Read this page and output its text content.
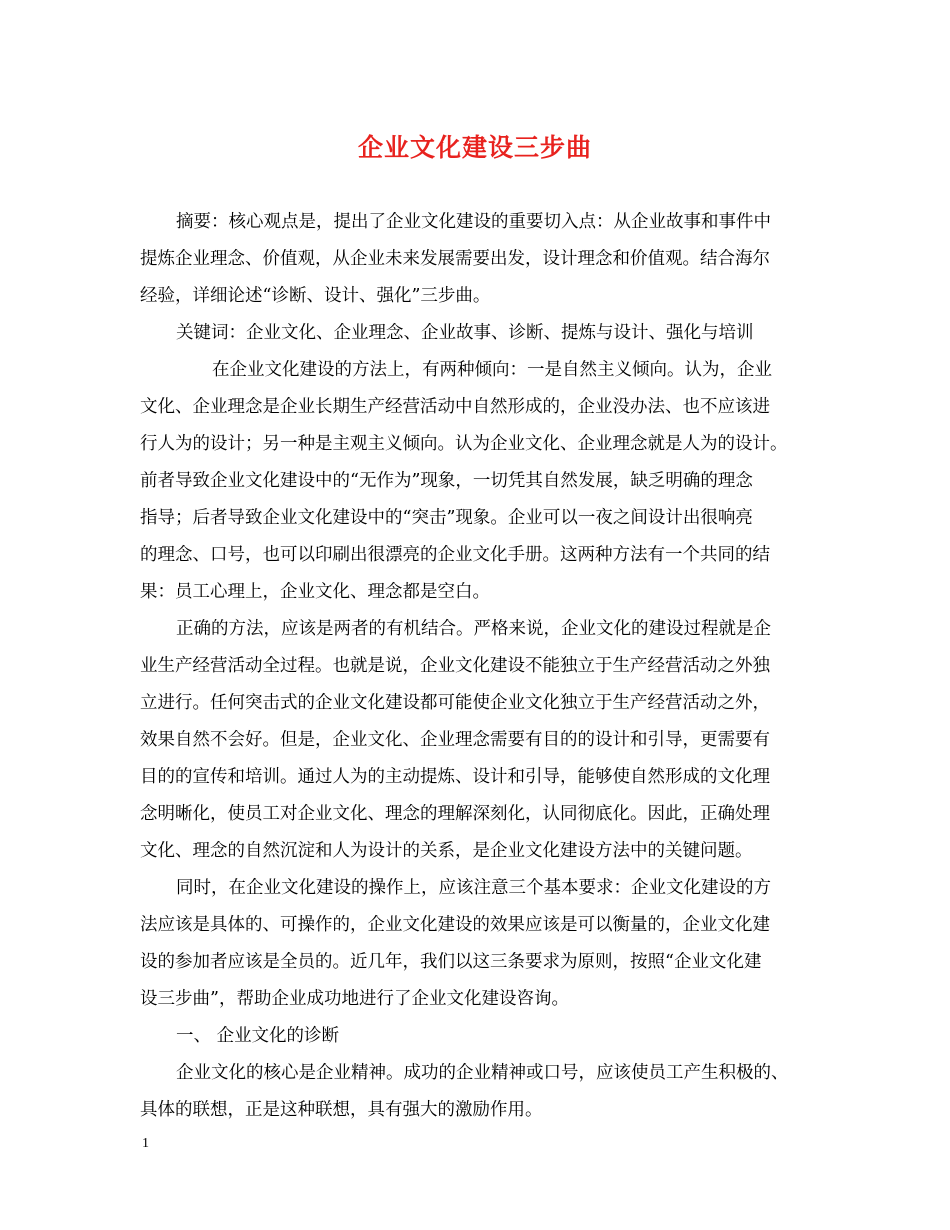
企业文化建设三步曲
摘要：核心观点是，提出了企业文化建设的重要切入点：从企业故事和事件中
提炼企业理念、价值观，从企业未来发展需要出发，设计理念和价值观。结合海尔
经验，详细论述“诊断、设计、强化”三步曲。
关键词：企业文化、企业理念、企业故事、诊断、提炼与设计、强化与培训
在企业文化建设的方法上，有两种倾向：一是自然主义倾向。认为，企业
文化、企业理念是企业长期生产经营活动中自然形成的，企业没办法、也不应该进
行人为的设计；另一种是主观主义倾向。认为企业文化、企业理念就是人为的设计。
前者导致企业文化建设中的“无作为”现象，一切凭其自然发展，缺乏明确的理念
指导；后者导致企业文化建设中的“突击”现象。企业可以一夜之间设计出很响亮
的理念、口号，也可以印刷出很漂亮的企业文化手册。这两种方法有一个共同的结
果：员工心理上，企业文化、理念都是空白。
正确的方法，应该是两者的有机结合。严格来说，企业文化的建设过程就是企
业生产经营活动全过程。也就是说，企业文化建设不能独立于生产经营活动之外独
立进行。任何突击式的企业文化建设都可能使企业文化独立于生产经营活动之外，
效果自然不会好。但是，企业文化、企业理念需要有目的的设计和引导，更需要有
目的的宣传和培训。通过人为的主动提炼、设计和引导，能够使自然形成的文化理
念明晰化，使员工对企业文化、理念的理解深刻化，认同彻底化。因此，正确处理
文化、理念的自然沉淀和人为设计的关系，是企业文化建设方法中的关键问题。
同时，在企业文化建设的操作上，应该注意三个基本要求：企业文化建设的方
法应该是具体的、可操作的，企业文化建设的效果应该是可以衡量的，企业文化建
设的参加者应该是全员的。近几年，我们以这三条要求为原则，按照“企业文化建
设三步曲”，帮助企业成功地进行了企业文化建设咨询。
一、 企业文化的诊断
企业文化的核心是企业精神。成功的企业精神或口号，应该使员工产生积极的、
具体的联想，正是这种联想，具有强大的激励作用。
1
